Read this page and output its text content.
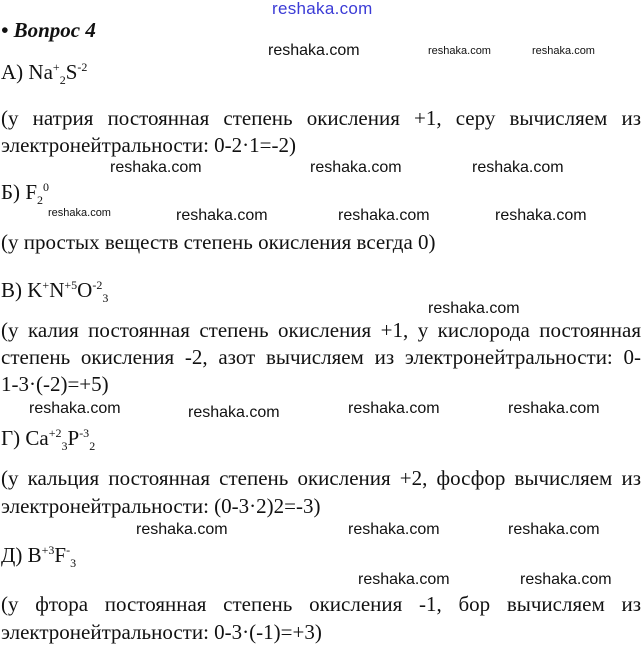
reshaka.com
• Вопрос 4
А) $Na^+_2S^{-2}$
(у натрия постоянная степень окисления +1, серу вычисляем из
электронейтральности: 0-2·1=-2)
Б) $F_2^0$
(у простых веществ степень окисления всегда 0)
В) $K^+N^{+5}O^{-2}_3$
(у калия постоянная степень окисления +1, у кислорода постоянная
степень окисления -2, азот вычисляем из электронейтральности: 0-
1-3·(-2)=+5)
Г) $Ca^{+2}_3P^{-3}_2$
(у кальция постоянная степень окисления +2, фосфор вычисляем из
электронейтральности: (0-3·2)2=-3)
Д) $B^{+3}F^-_3$
(у фтора постоянная степень окисления -1, бор вычисляем из
электронейтральности: 0-3·(-1)=+3)
reshaka.com	reshaka.com	reshaka.com
reshaka.com	reshaka.com	reshaka.com
reshaka.com	reshaka.com	reshaka.com	reshaka.com
reshaka.com
reshaka.com	reshaka.com	reshaka.com	reshaka.com
reshaka.com	reshaka.com	reshaka.com
reshaka.com	reshaka.com
